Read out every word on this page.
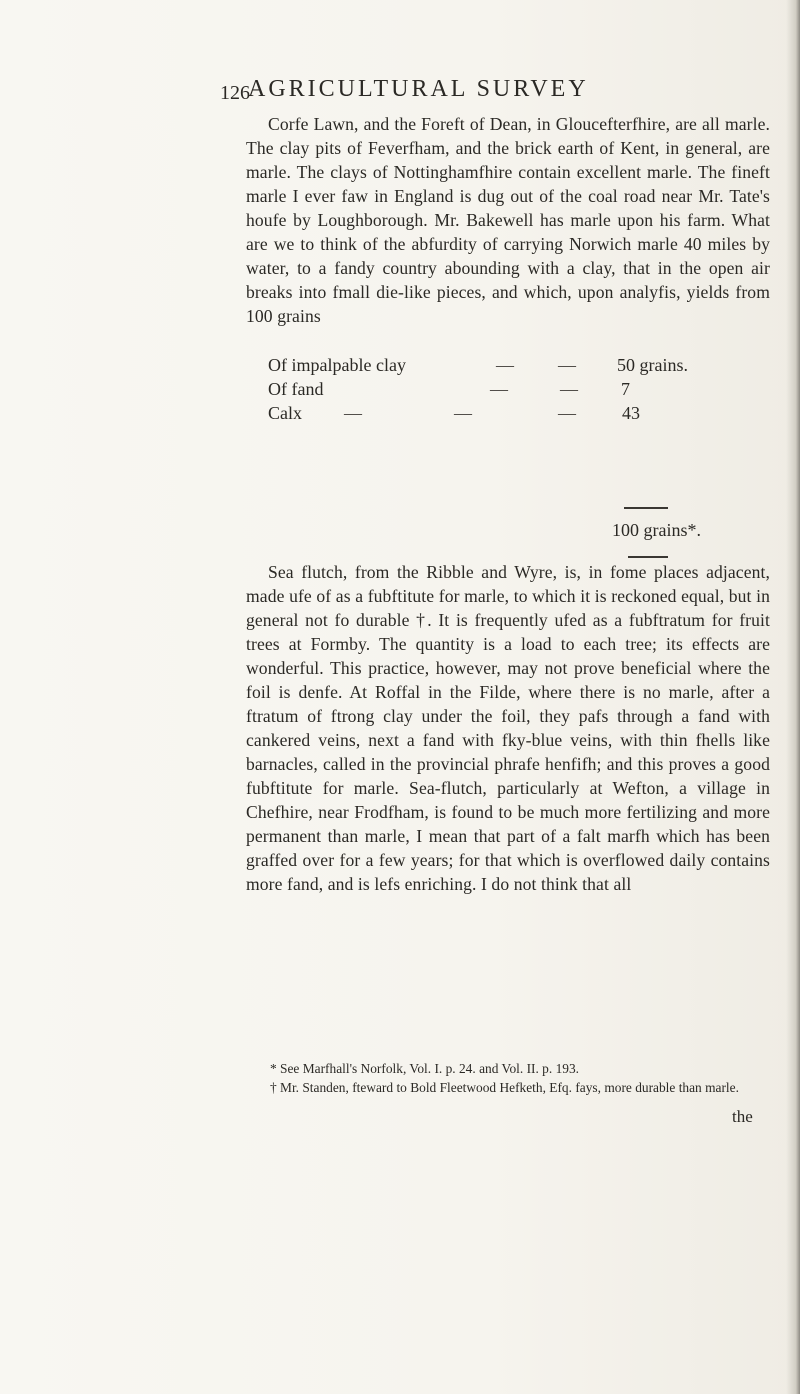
126
AGRICULTURAL SURVEY

Corfe Lawn, and the Foreft of Dean, in Gloucefterfhire, are all marle. The clay pits of Feverfham, and the brick earth of Kent, in general, are marle. The clays of Nottinghamfhire contain excellent marle. The fineft marle I ever faw in England is dug out of the coal road near Mr. Tate's houfe by Loughborough. Mr. Bakewell has marle upon his farm. What are we to think of the abfurdity of carrying Norwich marle 40 miles by water, to a fandy country abounding with a clay, that in the open air breaks into fmall die-like pieces, and which, upon analyfis, yields from 100 grains

Of impalpable clay	— — 50 grains.
Of fand	—	— 7
Calx —	—	—	43
100 grains*.

Sea flutch, from the Ribble and Wyre, is, in fome places adjacent, made ufe of as a fubftitute for marle, to which it is reckoned equal, but in general not fo durable †. It is frequently ufed as a fubftratum for fruit trees at Formby. The quantity is a load to each tree; its effects are wonderful. This practice, however, may not prove beneficial where the foil is denfe. At Roffal in the Filde, where there is no marle, after a ftratum of ftrong clay under the foil, they pafs through a fand with cankered veins, next a fand with fky-blue veins, with thin fhells like barnacles, called in the provincial phrafe henfifh; and this proves a good fubftitute for marle. Sea-flutch, particularly at Wefton, a village in Chefhire, near Frodfham, is found to be much more fertilizing and more permanent than marle, I mean that part of a falt marfh which has been graffed over for a few years; for that which is overflowed daily contains more fand, and is lefs enriching. I do not think that all

* See Marfhall's Norfolk, Vol. I. p. 24. and Vol. II. p. 193.

† Mr. Standen, fteward to Bold Fleetwood Hefketh, Efq. fays, more durable than marle.

the
